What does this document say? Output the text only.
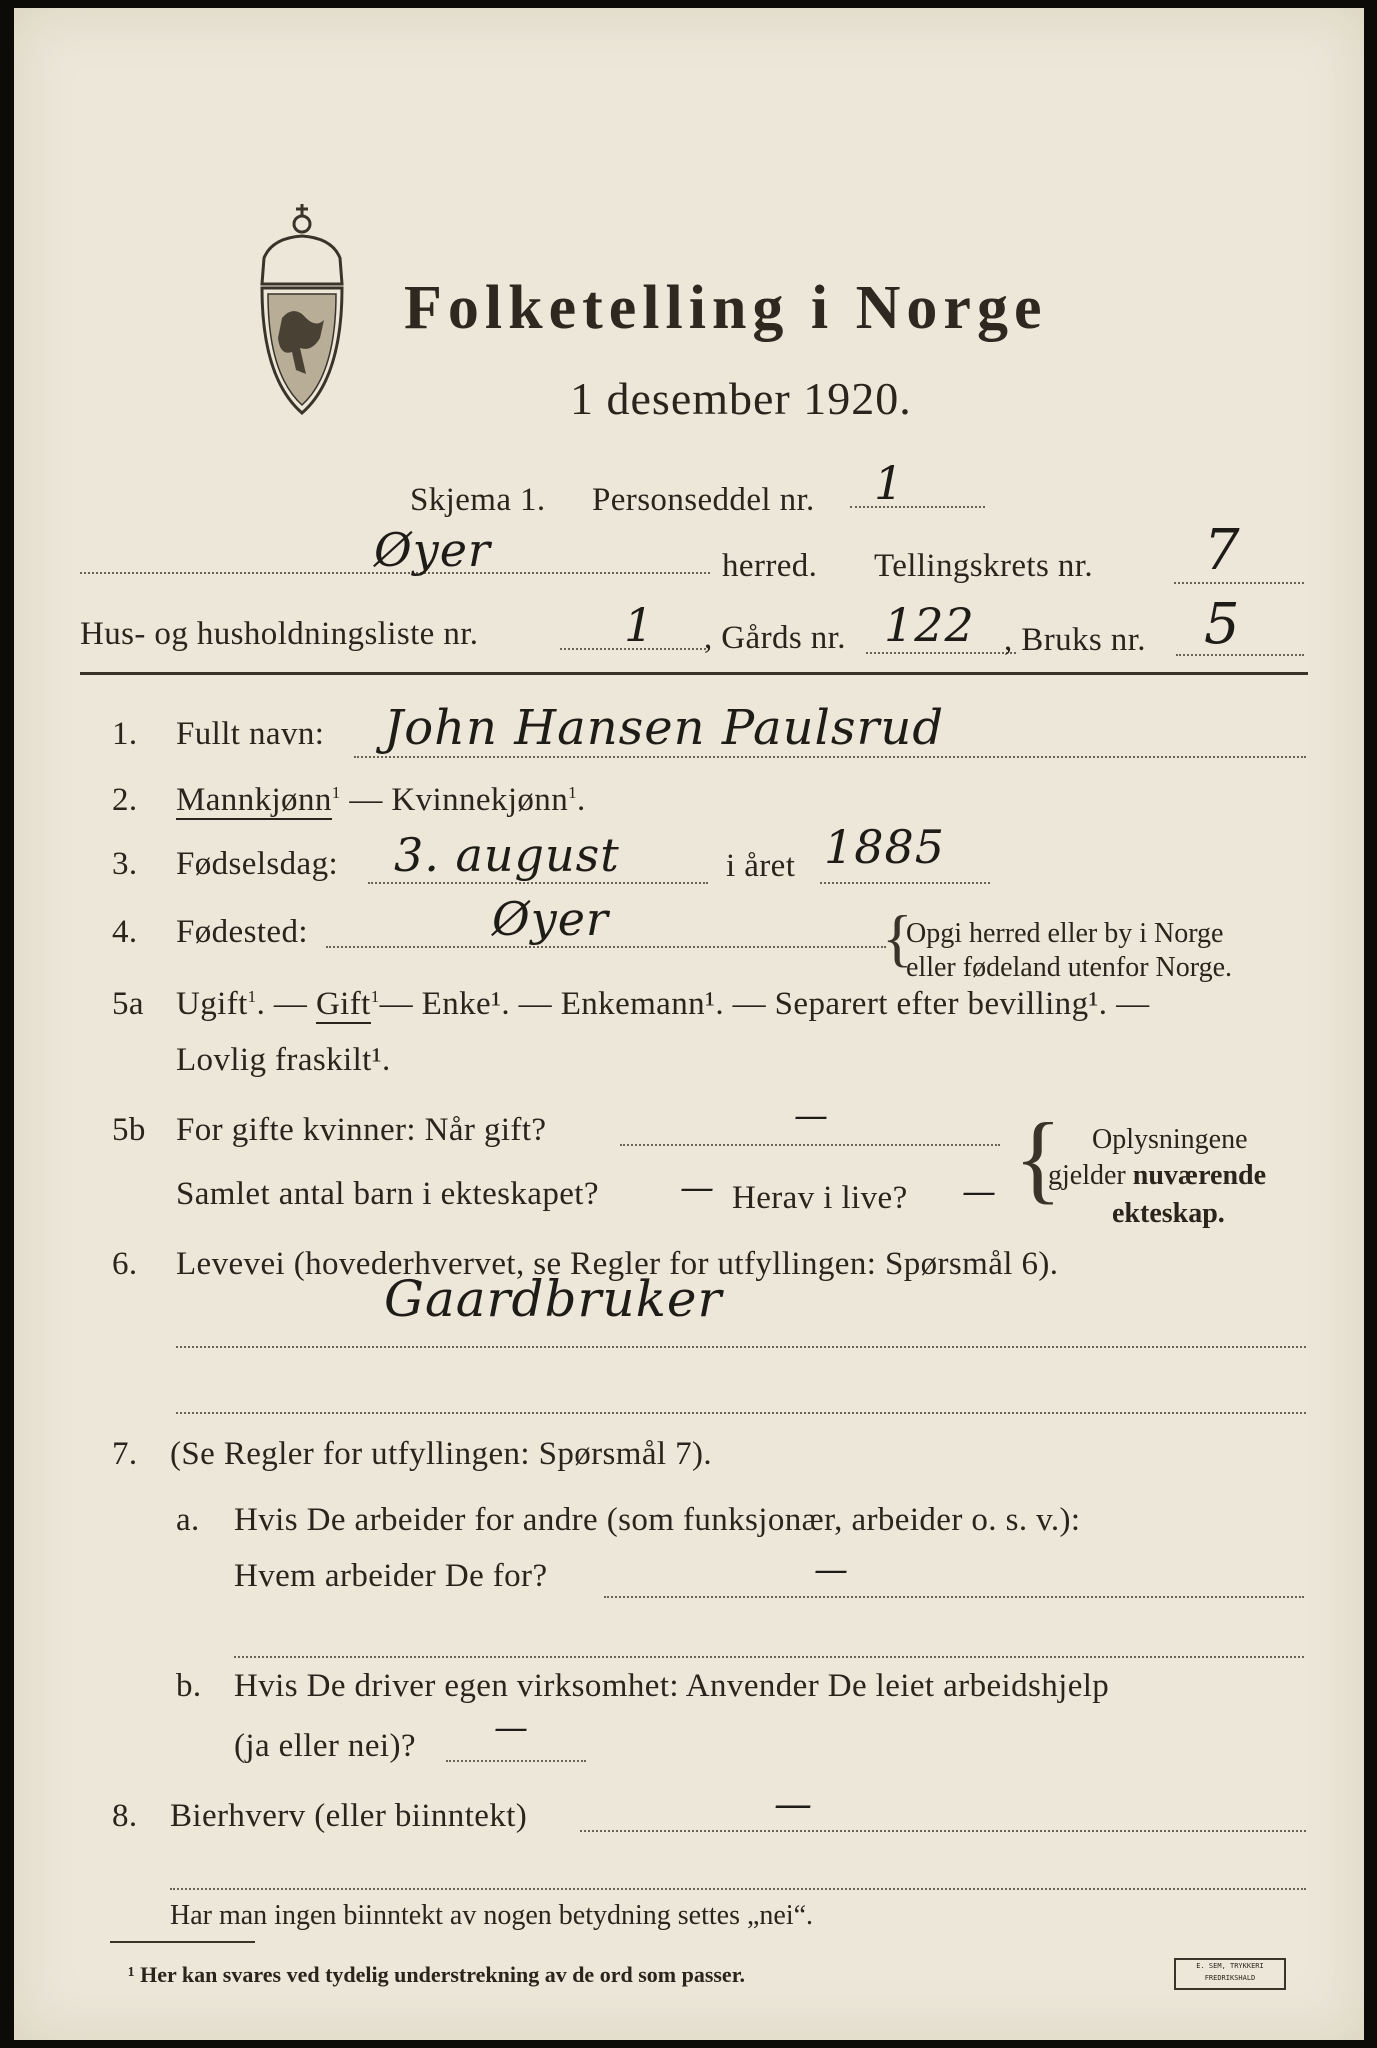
Folketelling i Norge
1 desember 1920.
Skjema 1. Personseddel nr. 1
Øyer	herred. Tellingskrets nr. 7
Hus- og husholdningsliste nr.	1 , Gårds nr. 122 , Bruks nr. 5
1. Fullt navn: John Hansen Paulsrud
2. Mannkjønn$^1$ — Kvinnekjønn$^1$.
3. Fødselsdag: 3. august	i året 1885
4. Fødested:	Øyer	{
Opgi herred eller by i Norge
eller fødeland utenfor Norge.
5a Ugift$^1$. — Gift$^1$— Enke¹. — Enkemann¹. — Separert efter bevilling¹. —
Lovlig fraskilt¹.
5b For gifte kvinner: Når gift?	—
Samlet antal barn i ekteskapet? — Herav i live? — { Oplysningene
gjelder nuværende
ekteskap.
6. Levevei (hovederhvervet, se Regler for utfyllingen: Spørsmål 6).
Gaardbruker
7. (Se Regler for utfyllingen: Spørsmål 7).
a. Hvis De arbeider for andre (som funksjonær, arbeider o. s. v.):
Hvem arbeider De for?	—
b. Hvis De driver egen virksomhet: Anvender De leiet arbeidshjelp
(ja eller nei)? —
8. Bierhverv (eller biinntekt)	—
Har man ingen biinntekt av nogen betydning settes „nei“.
¹ Her kan svares ved tydelig understrekning av de ord som passer.	E. SEM, TRYKKERI FREDRIKSHALD
